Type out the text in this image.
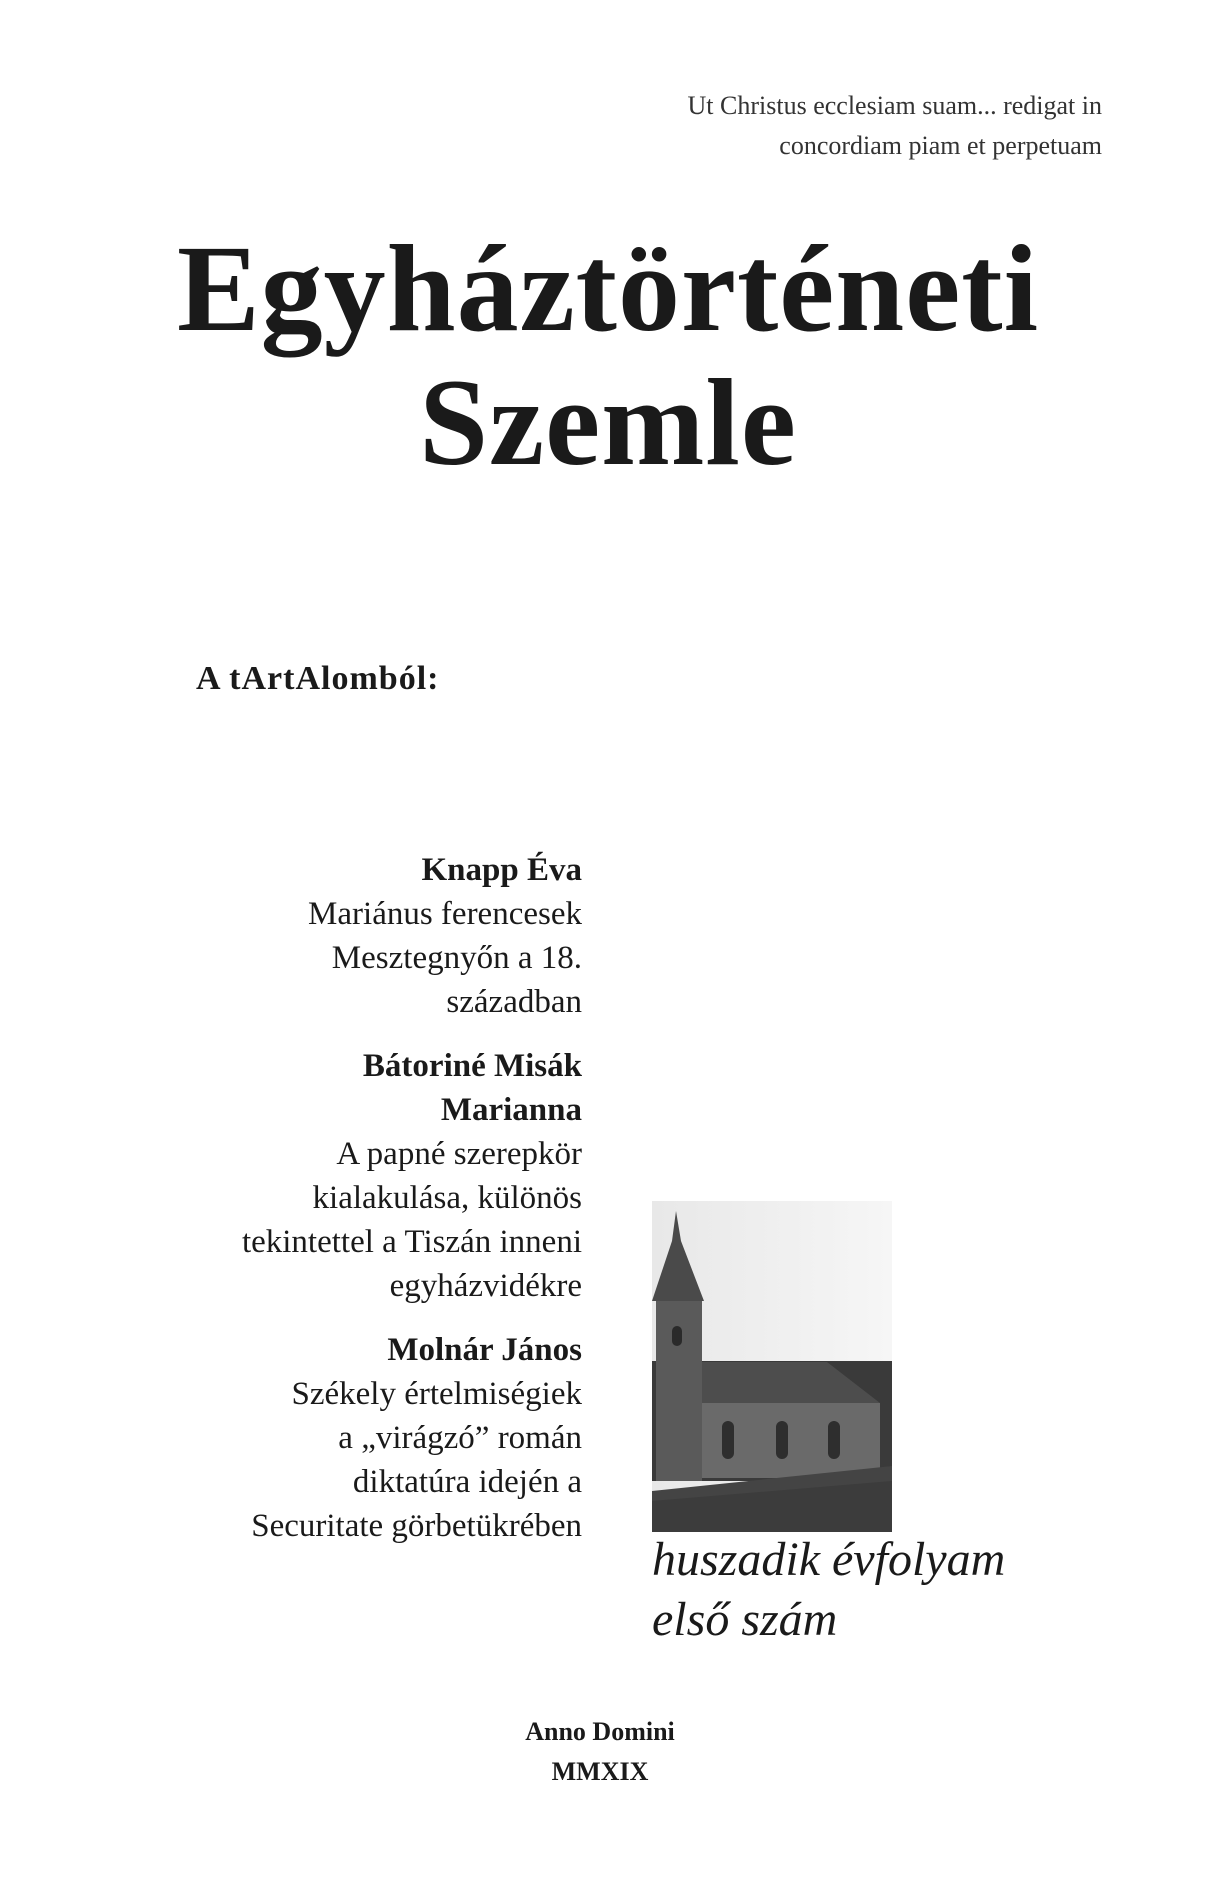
Ut Christus ecclesiam suam... redigat in
concordiam piam et perpetuam
Egyháztörténeti
Szemle
A tArtAlomból:
Knapp Éva
Mariánus ferencesek
Mesztegnyőn a 18.
században
Bátoriné Misák
Marianna
A papné szerepkör
kialakulása, különös
tekintettel a Tiszán inneni
egyházvidékre
Molnár János
Székely értelmiségiek
a „virágzó” román
diktatúra idején a
Securitate görbetükrében
huszadik évfolyam
első szám
Anno Domini
MMXIX
